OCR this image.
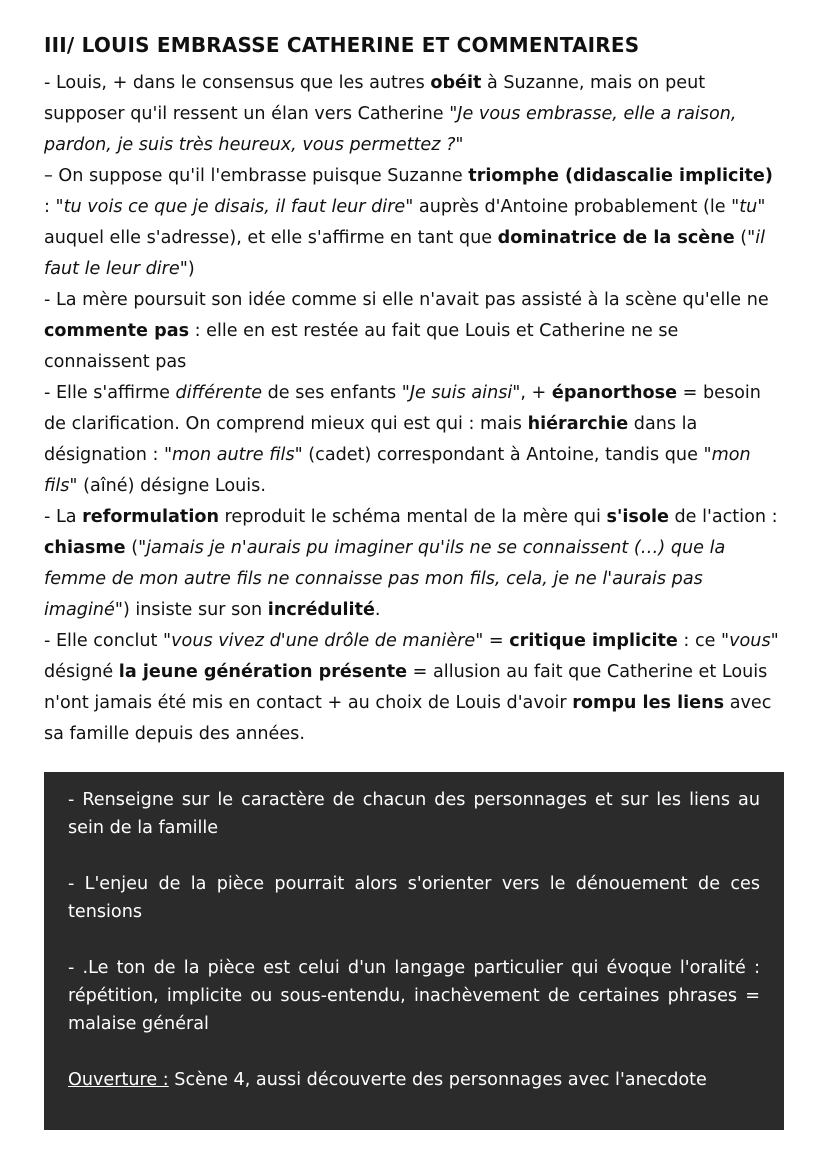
III/ LOUIS EMBRASSE CATHERINE ET COMMENTAIRES

- Louis, + dans le consensus que les autres obéit à Suzanne, mais on peut supposer qu'il ressent un élan vers Catherine "Je vous embrasse, elle a raison, pardon, je suis très heureux, vous permettez ?"

– On suppose qu'il l'embrasse puisque Suzanne triomphe (didascalie implicite) : "tu vois ce que je disais, il faut leur dire" auprès d'Antoine probablement (le "tu" auquel elle s'adresse), et elle s'affirme en tant que dominatrice de la scène ("il faut le leur dire")

- La mère poursuit son idée comme si elle n'avait pas assisté à la scène qu'elle ne commente pas : elle en est restée au fait que Louis et Catherine ne se connaissent pas

- Elle s'affirme différente de ses enfants "Je suis ainsi", + épanorthose = besoin de clarification. On comprend mieux qui est qui : mais hiérarchie dans la désignation : "mon autre fils" (cadet) correspondant à Antoine, tandis que "mon fils" (aîné) désigne Louis.

- La reformulation reproduit le schéma mental de la mère qui s'isole de l'action : chiasme ("jamais je n'aurais pu imaginer qu'ils ne se connaissent (…) que la femme de mon autre fils ne connaisse pas mon fils, cela, je ne l'aurais pas imaginé") insiste sur son incrédulité.

- Elle conclut "vous vivez d'une drôle de manière" = critique implicite : ce "vous" désigné la jeune génération présente = allusion au fait que Catherine et Louis n'ont jamais été mis en contact + au choix de Louis d'avoir rompu les liens avec sa famille depuis des années.

- Renseigne sur le caractère de chacun des personnages et sur les liens au sein de la famille

- L'enjeu de la pièce pourrait alors s'orienter vers le dénouement de ces tensions

- .Le ton de la pièce est celui d'un langage particulier qui évoque l'oralité : répétition, implicite ou sous-entendu, inachèvement de certaines phrases = malaise général

Ouverture : Scène 4, aussi découverte des personnages avec l'anecdote
